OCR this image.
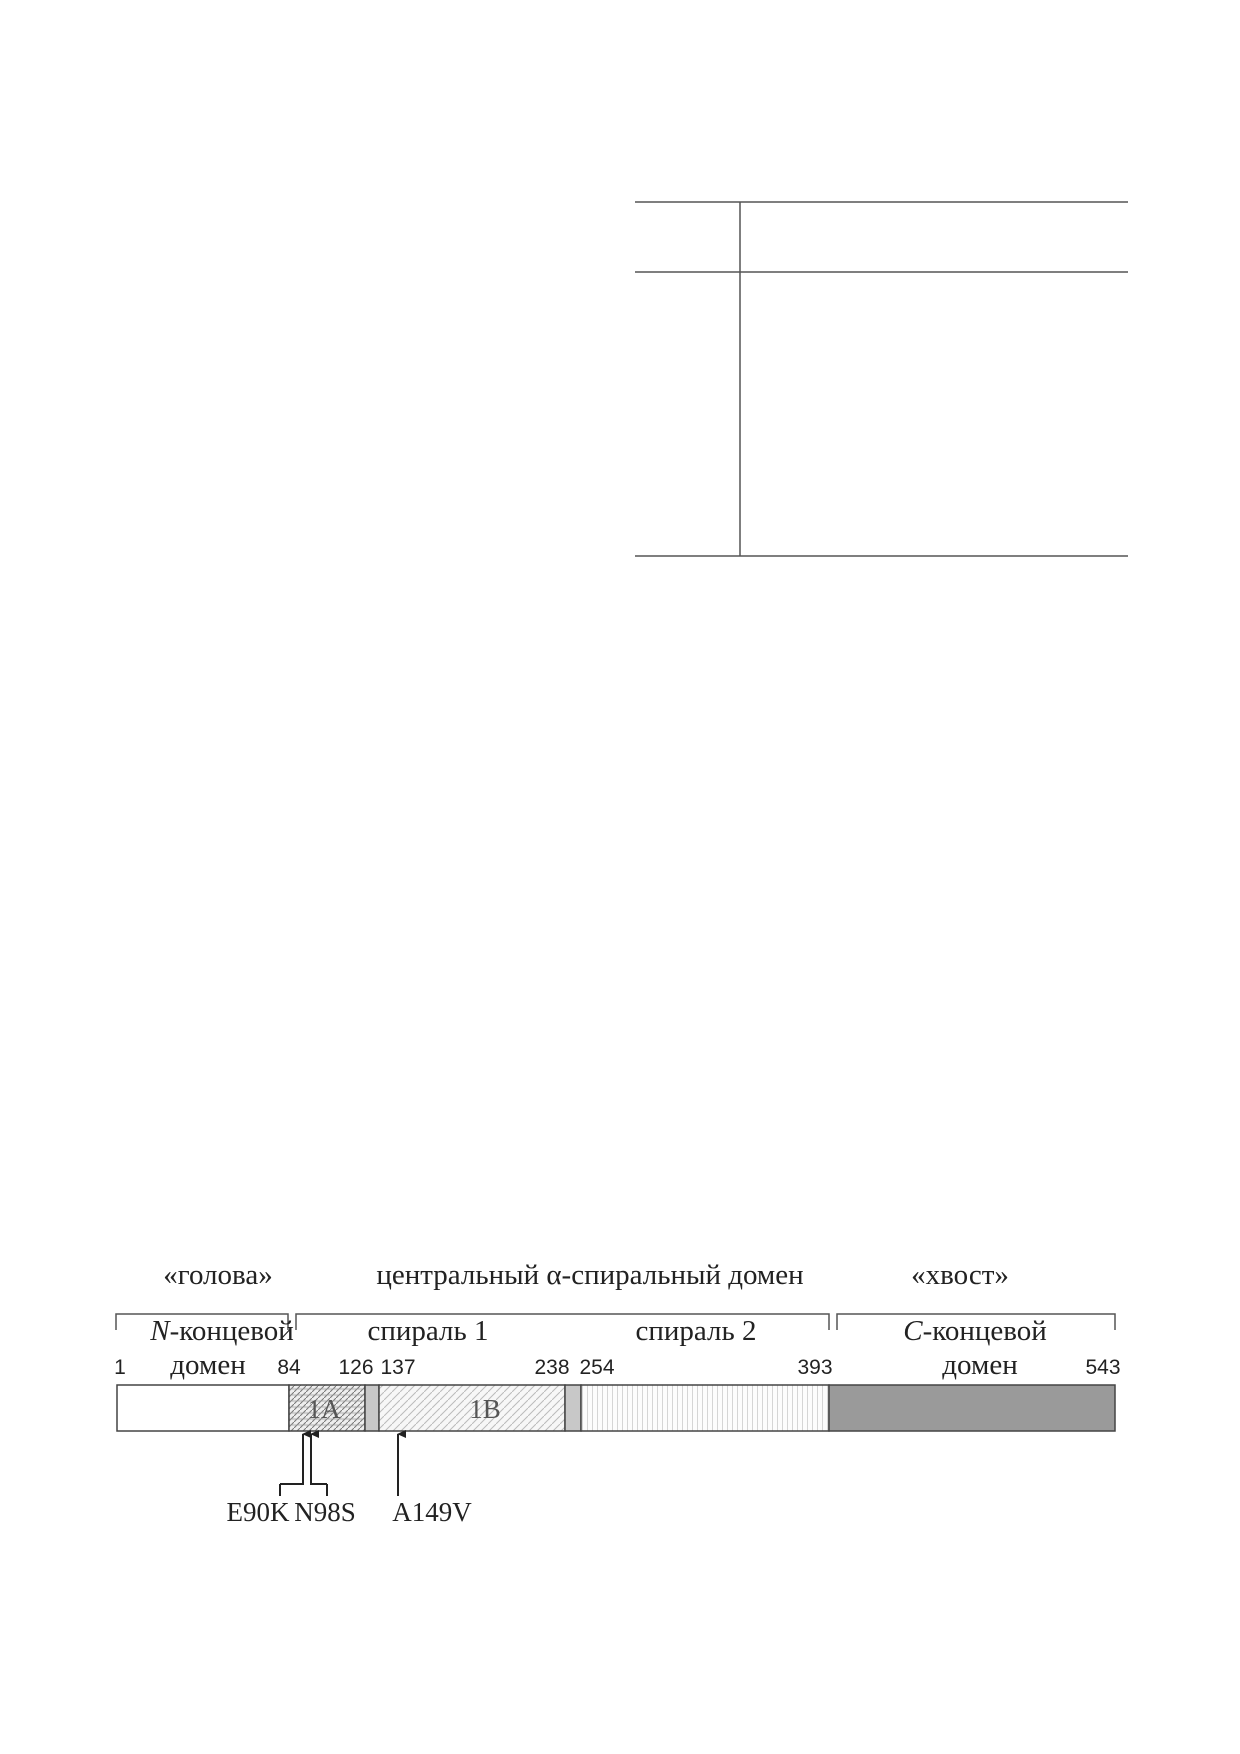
«голова»	центральный α-спиральный домен	«хвост»
N-концевой
домен
спираль 1	спираль 2	C-концевой
домен
1	84 126 137	238 254	393	543
1A	1B
E90K N98S A149V
